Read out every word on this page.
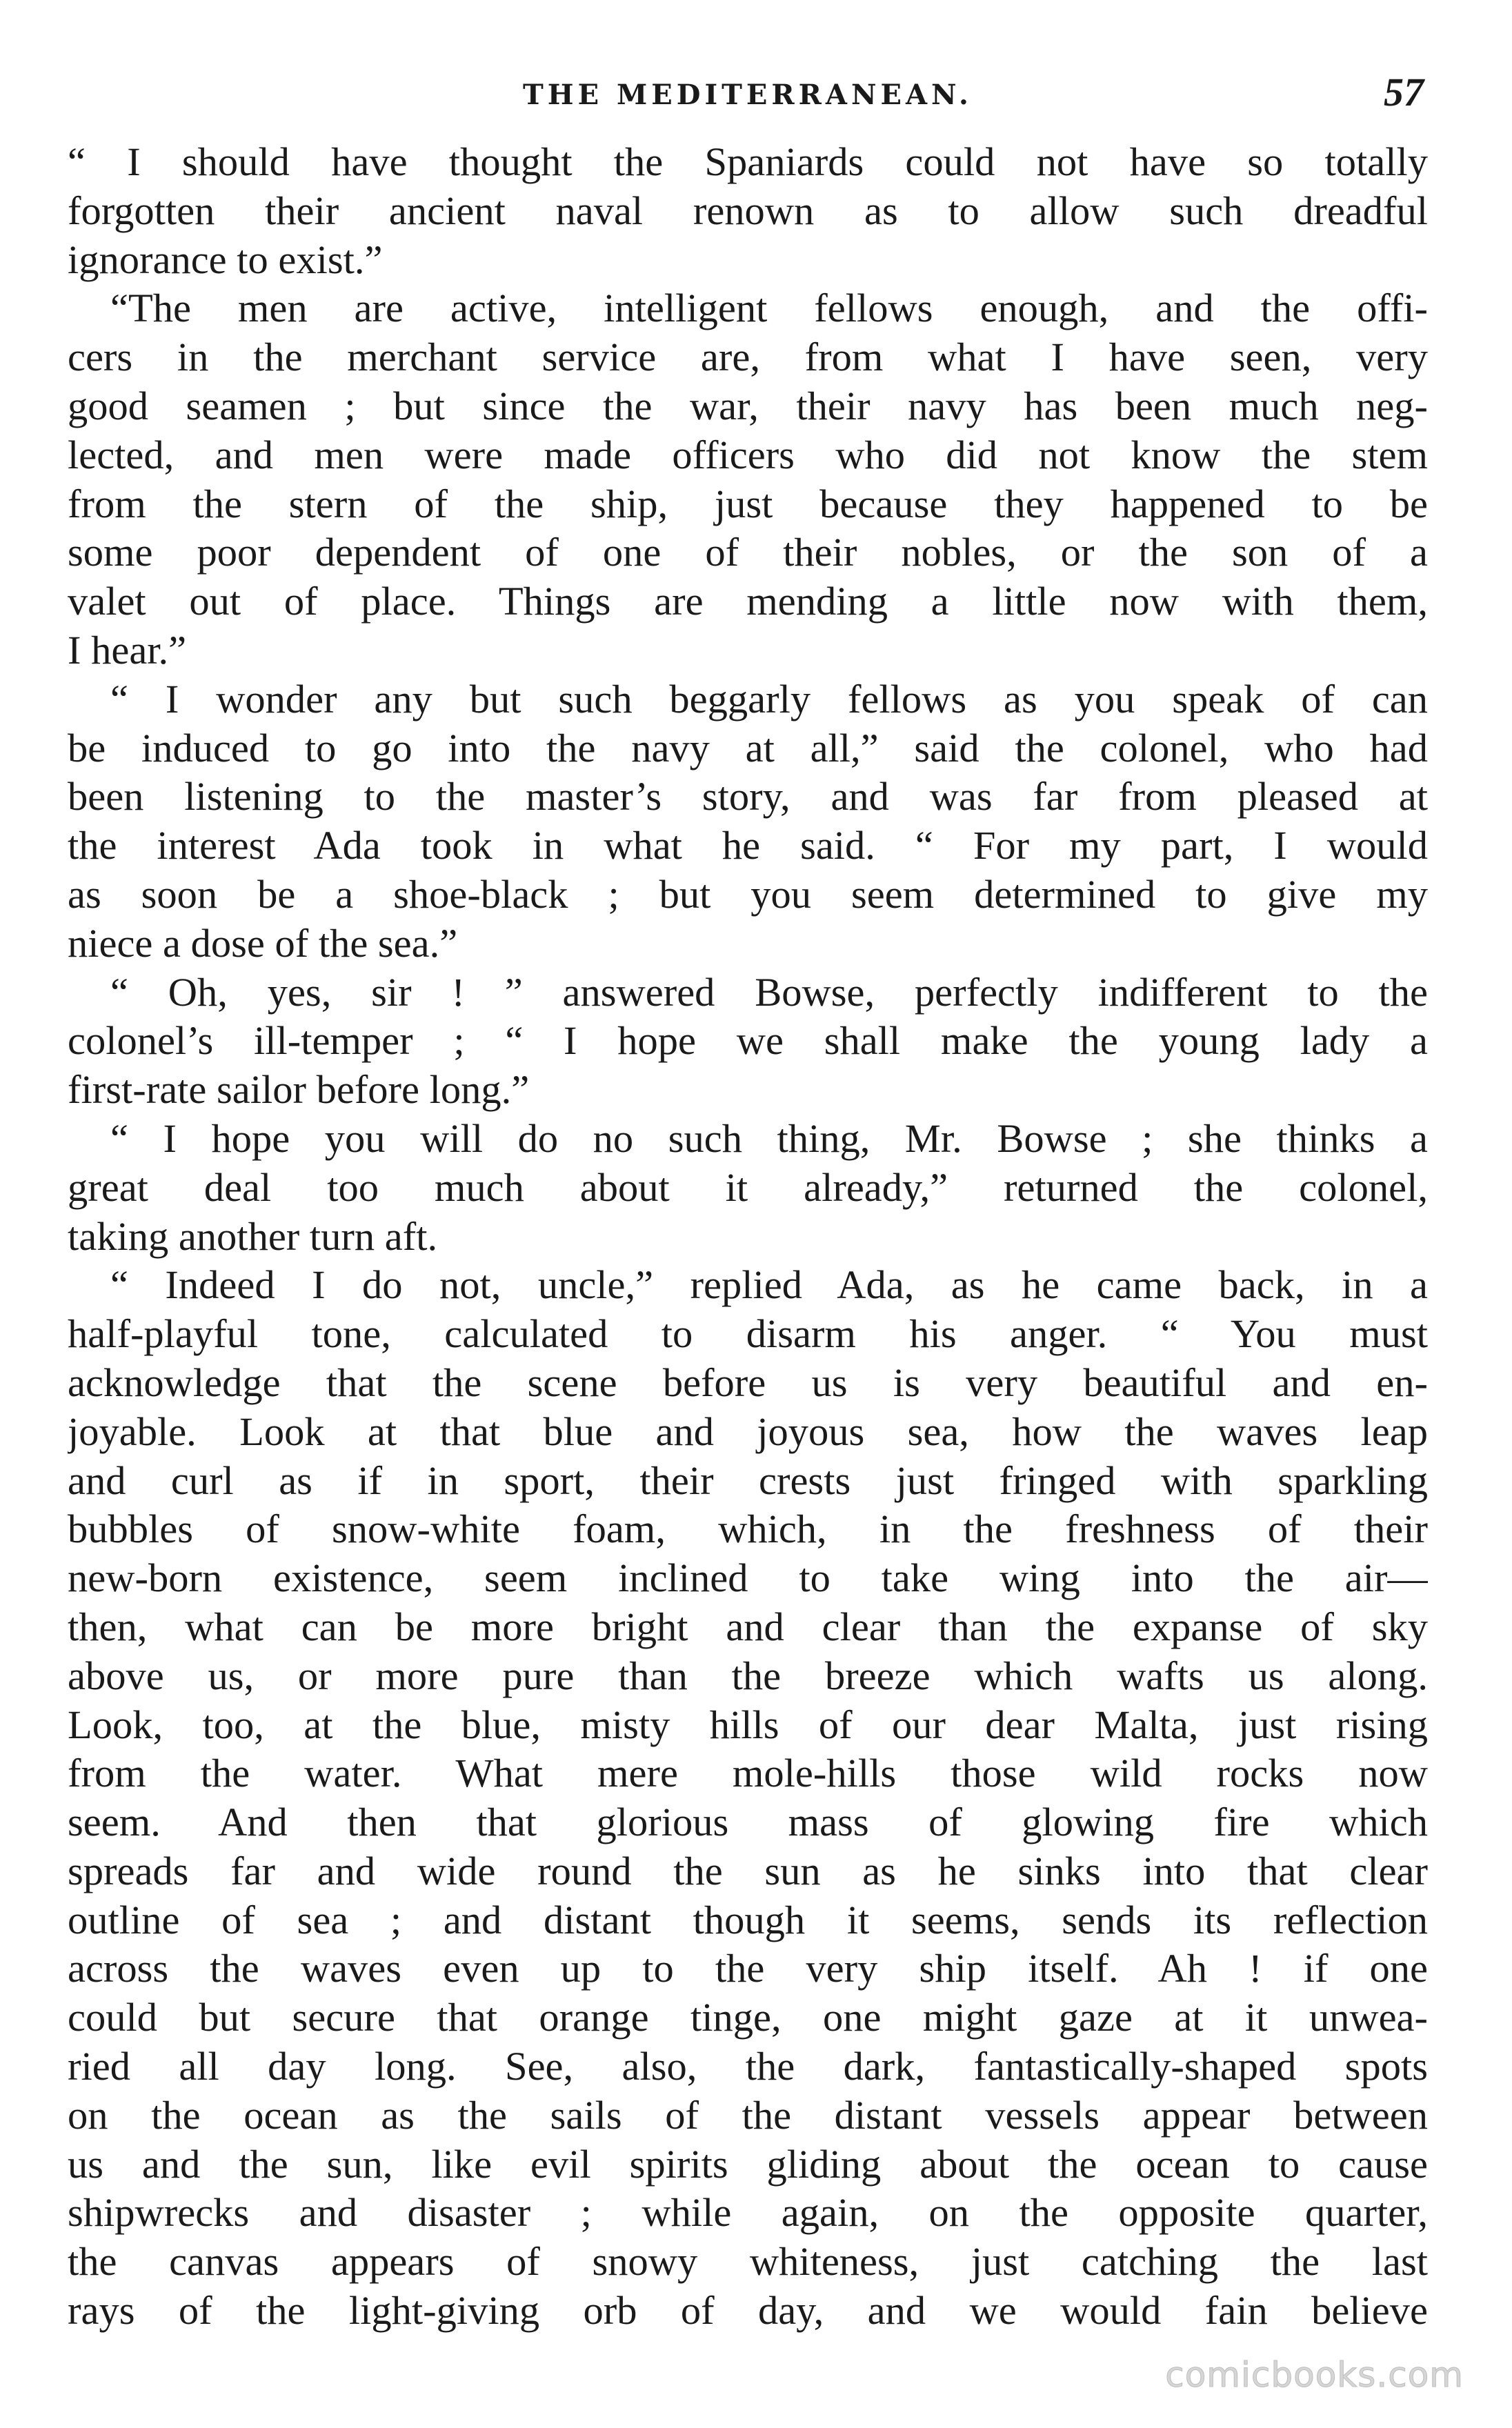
THE MEDITERRANEAN.	57
“ I should have thought the Spaniards could not have so totally
forgotten their ancient naval renown as to allow such dreadful
ignorance to exist.”
“The men are active, intelligent fellows enough, and the offi-
cers in the merchant service are, from what I have seen, very
good seamen ; but since the war, their navy has been much neg-
lected, and men were made officers who did not know the stem
from the stern of the ship, just because they happened to be
some poor dependent of one of their nobles, or the son of a
valet out of place. Things are mending a little now with them,
I hear.”
“ I wonder any but such beggarly fellows as you speak of can
be induced to go into the navy at all,” said the colonel, who had
been listening to the master’s story, and was far from pleased at
the interest Ada took in what he said. “ For my part, I would
as soon be a shoe-black ; but you seem determined to give my
niece a dose of the sea.”
“ Oh, yes, sir ! ” answered Bowse, perfectly indifferent to the
colonel’s ill-temper ; “ I hope we shall make the young lady a
first-rate sailor before long.”
“ I hope you will do no such thing, Mr. Bowse ; she thinks a
great deal too much about it already,” returned the colonel,
taking another turn aft.
“ Indeed I do not, uncle,” replied Ada, as he came back, in a
half-playful tone, calculated to disarm his anger. “ You must
acknowledge that the scene before us is very beautiful and en-
joyable. Look at that blue and joyous sea, how the waves leap
and curl as if in sport, their crests just fringed with sparkling
bubbles of snow-white foam, which, in the freshness of their
new-born existence, seem inclined to take wing into the air—
then, what can be more bright and clear than the expanse of sky
above us, or more pure than the breeze which wafts us along.
Look, too, at the blue, misty hills of our dear Malta, just rising
from the water. What mere mole-hills those wild rocks now
seem. And then that glorious mass of glowing fire which
spreads far and wide round the sun as he sinks into that clear
outline of sea ; and distant though it seems, sends its reflection
across the waves even up to the very ship itself. Ah ! if one
could but secure that orange tinge, one might gaze at it unwea-
ried all day long. See, also, the dark, fantastically-shaped spots
on the ocean as the sails of the distant vessels appear between
us and the sun, like evil spirits gliding about the ocean to cause
shipwrecks and disaster ; while again, on the opposite quarter,
the canvas appears of snowy whiteness, just catching the last
rays of the light-giving orb of day, and we would fain believe
comicbooks.com
